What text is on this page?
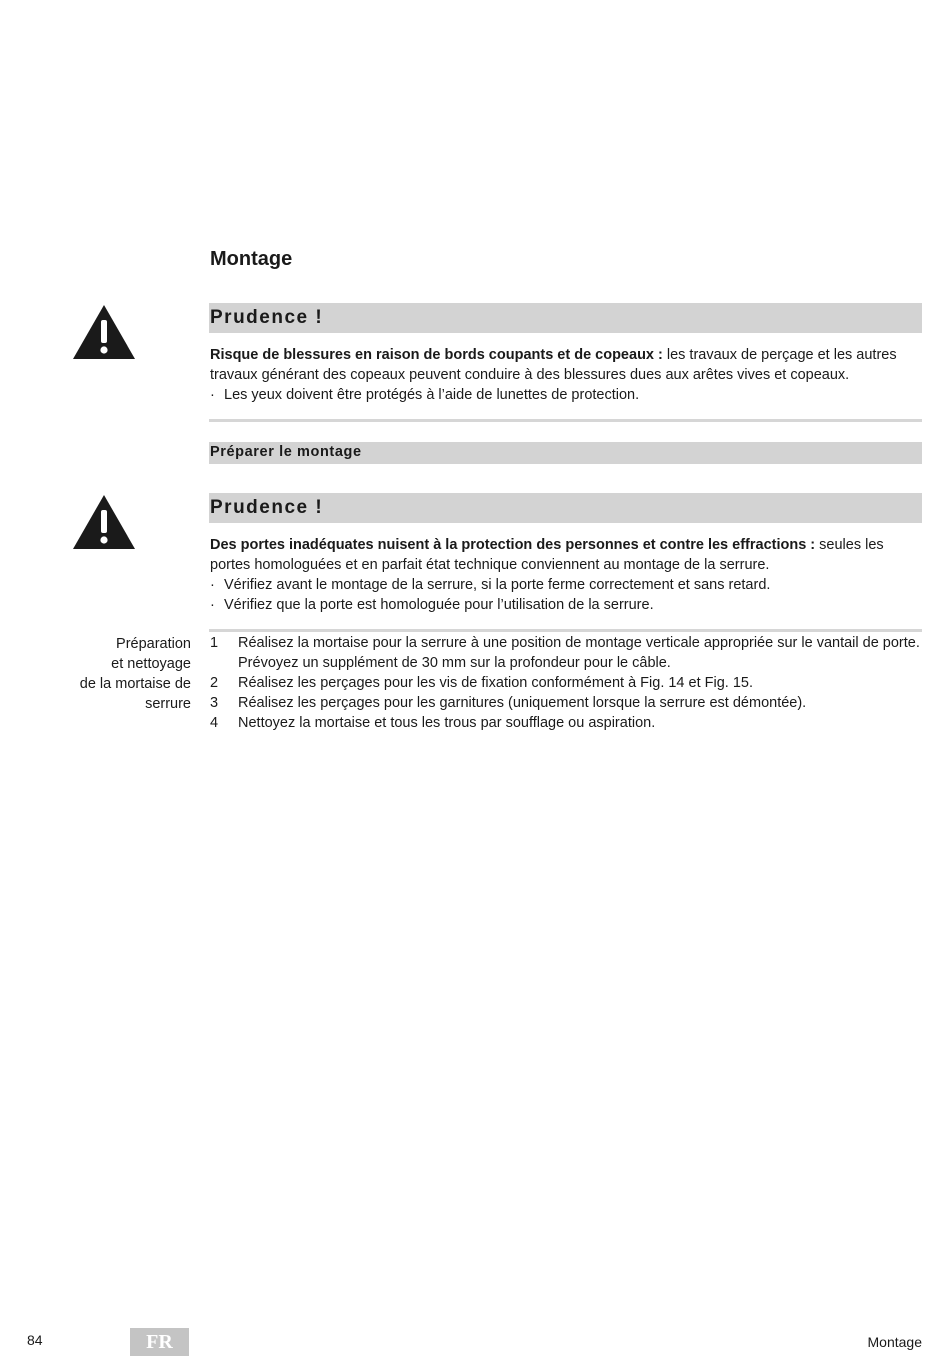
Montage
Prudence !

Risque de blessures en raison de bords coupants et de copeaux : les travaux de perçage et les autres travaux générant des copeaux peuvent conduire à des blessures dues aux arêtes vives et copeaux.

· Les yeux doivent être protégés à l’aide de lunettes de protection.
Préparer le montage
Prudence !

Des portes inadéquates nuisent à la protection des personnes et contre les effractions : seules les portes homologuées et en parfait état technique conviennent au montage de la serrure.

· Vérifiez avant le montage de la serrure, si la porte ferme correctement et sans retard.
· Vérifiez que la porte est homologuée pour l’utilisation de la serrure.
Préparation
et nettoyage
de la mortaise de
serrure
1	Réalisez la mortaise pour la serrure à une position de montage verticale appropriée sur le vantail de porte. Prévoyez un supplément de 30 mm sur la profondeur pour le câble.
2	Réalisez les perçages pour les vis de fixation conformément à Fig. 14 et Fig. 15.
3	Réalisez les perçages pour les garnitures (uniquement lorsque la serrure est démontée).
4	Nettoyez la mortaise et tous les trous par soufflage ou aspiration.
84	FR	Montage
